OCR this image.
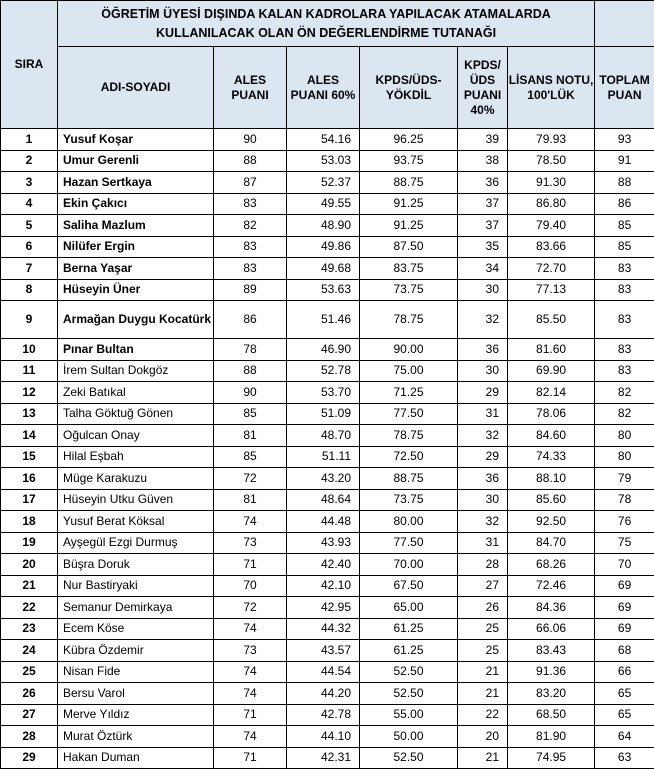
SIRA	ÖĞRETİM ÜYESİ DIŞINDA KALAN KADROLARA YAPILACAK ATAMALARDA
KULLANILACAK OLAN ÖN DEĞERLENDİRME TUTANAĞI						

	ADI-SOYADI	ALES PUANI	ALES PUANI 60%	KPDS/ÜDS-YÖKDİL	KPDS/ ÜDS PUANI 40%	LİSANS NOTU, 100'LÜK	TOPLAM PUAN
1	Yusuf Koşar	90	54.16	96.25	39	79.93	93
2	Umur Gerenli	88	53.03	93.75	38	78.50	91
3	Hazan Sertkaya	87	52.37	88.75	36	91.30	88
4	Ekin Çakıcı	83	49.55	91.25	37	86.80	86
5	Saliha Mazlum	82	48.90	91.25	37	79.40	85
6	Nilüfer Ergin	83	49.86	87.50	35	83.66	85
7	Berna Yaşar	83	49.68	83.75	34	72.70	83
8	Hüseyin Üner	89	53.63	73.75	30	77.13	83
9	Armağan Duygu Kocatürk	86	51.46	78.75	32	85.50	83
10	Pınar Bultan	78	46.90	90.00	36	81.60	83
11	İrem Sultan Dokgöz	88	52.78	75.00	30	69.90	83
12	Zeki Batıkal	90	53.70	71.25	29	82.14	82
13	Talha Göktuğ Gönen	85	51.09	77.50	31	78.06	82
14	Oğulcan Onay	81	48.70	78.75	32	84.60	80
15	Hilal Eşbah	85	51.11	72.50	29	74.33	80
16	Müge Karakuzu	72	43.20	88.75	36	88.10	79
17	Hüseyin Utku Güven	81	48.64	73.75	30	85.60	78
18	Yusuf Berat Köksal	74	44.48	80.00	32	92.50	76
19	Ayşegül Ezgi Durmuş	73	43.93	77.50	31	84.70	75
20	Büşra Doruk	71	42.40	70.00	28	68.26	70
21	Nur Bastiryaki	70	42.10	67.50	27	72.46	69
22	Semanur Demirkaya	72	42.95	65.00	26	84.36	69
23	Ecem Köse	74	44.32	61.25	25	66.06	69
24	Kübra Özdemir	73	43.57	61.25	25	83.43	68
25	Nisan Fide	74	44.54	52.50	21	91.36	66
26	Bersu Varol	74	44.20	52.50	21	83.20	65
27	Merve Yıldız	71	42.78	55.00	22	68.50	65
28	Murat Öztürk	74	44.10	50.00	20	81.90	64
29	Hakan Duman	71	42.31	52.50	21	74.95	63
